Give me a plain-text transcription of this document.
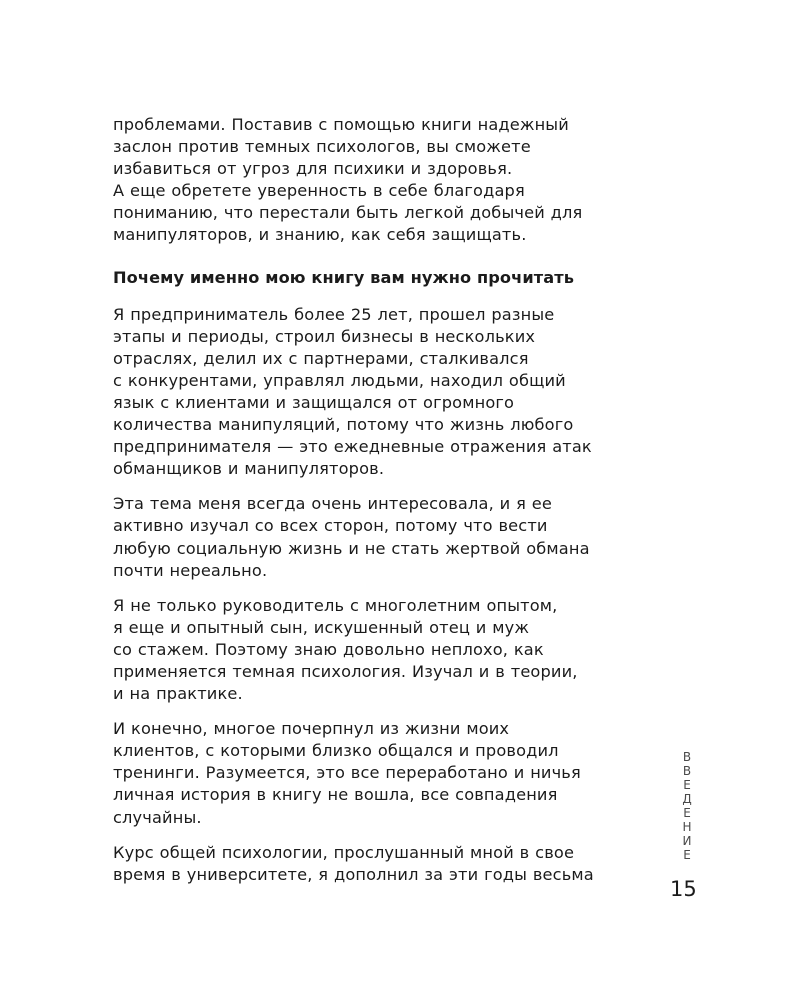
проблемами. Поставив с помощью книги надежный
заслон против темных психологов, вы сможете
избавиться от угроз для психики и здоровья.
А еще обретете уверенность в себе благодаря
пониманию, что перестали быть легкой добычей для
манипуляторов, и знанию, как себя защищать.

Почему именно мою книгу вам нужно прочитать

Я предприниматель более 25 лет, прошел разные
этапы и периоды, строил бизнесы в нескольких
отраслях, делил их с партнерами, сталкивался
с конкурентами, управлял людьми, находил общий
язык с клиентами и защищался от огромного
количества манипуляций, потому что жизнь любого
предпринимателя — это ежедневные отражения атак
обманщиков и манипуляторов.

Эта тема меня всегда очень интересовала, и я ее
активно изучал со всех сторон, потому что вести
любую социальную жизнь и не стать жертвой обмана
почти нереально.

Я не только руководитель с многолетним опытом,
я еще и опытный сын, искушенный отец и муж
со стажем. Поэтому знаю довольно неплохо, как
применяется темная психология. Изучал и в теории,
и на практике.

И конечно, многое почерпнул из жизни моих
клиентов, с которыми близко общался и проводил
тренинги. Разумеется, это все переработано и ничья
личная история в книгу не вошла, все совпадения
случайны.

Курс общей психологии, прослушанный мной в свое
время в университете, я дополнил за эти годы весьма

ВВЕДЕНИЕ
15
